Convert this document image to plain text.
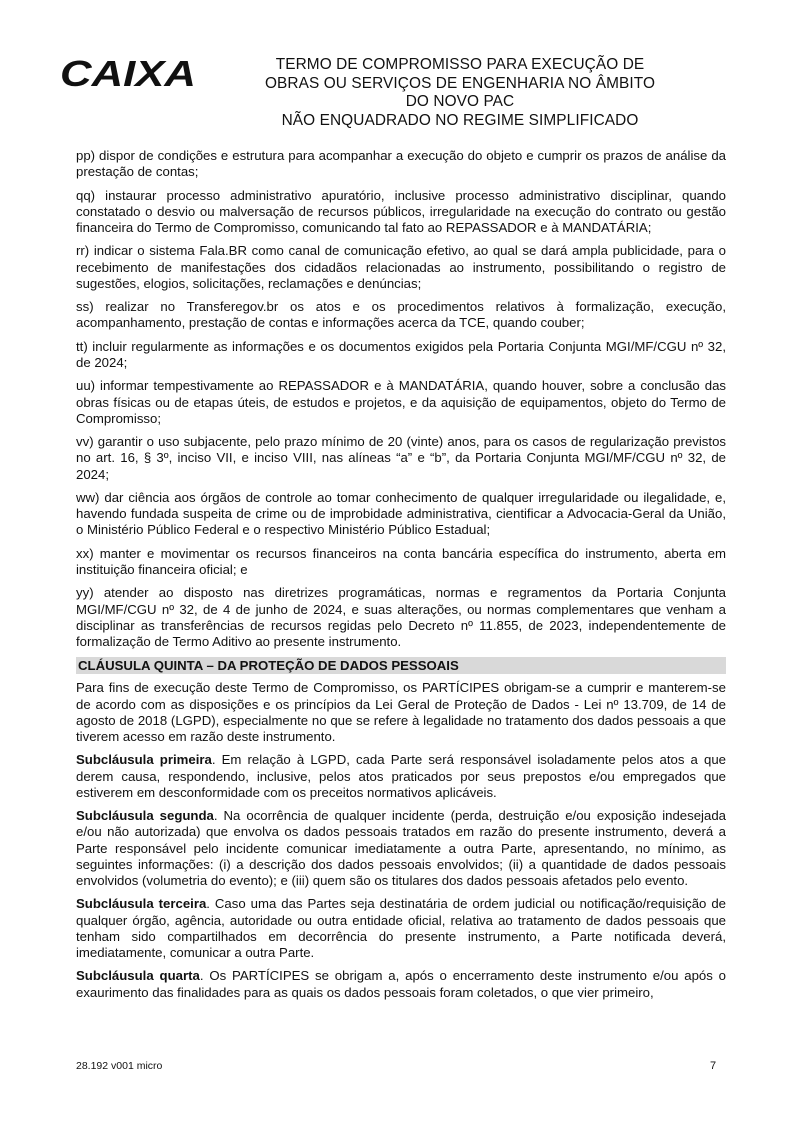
CAIXA	TERMO DE COMPROMISSO PARA EXECUÇÃO DE
OBRAS OU SERVIÇOS DE ENGENHARIA NO ÂMBITO
DO NOVO PAC
NÃO ENQUADRADO NO REGIME SIMPLIFICADO

pp) dispor de condições e estrutura para acompanhar a execução do objeto e cumprir os prazos de análise da prestação de contas;

qq) instaurar processo administrativo apuratório, inclusive processo administrativo disciplinar, quando constatado o desvio ou malversação de recursos públicos, irregularidade na execução do contrato ou gestão financeira do Termo de Compromisso, comunicando tal fato ao REPASSADOR e à MANDATÁRIA;

rr) indicar o sistema Fala.BR como canal de comunicação efetivo, ao qual se dará ampla publicidade, para o recebimento de manifestações dos cidadãos relacionadas ao instrumento, possibilitando o registro de sugestões, elogios, solicitações, reclamações e denúncias;

ss) realizar no Transferegov.br os atos e os procedimentos relativos à formalização, execução, acompanhamento, prestação de contas e informações acerca da TCE, quando couber;

tt) incluir regularmente as informações e os documentos exigidos pela Portaria Conjunta MGI/MF/CGU nº 32, de 2024;

uu) informar tempestivamente ao REPASSADOR e à MANDATÁRIA, quando houver, sobre a conclusão das obras físicas ou de etapas úteis, de estudos e projetos, e da aquisição de equipamentos, objeto do Termo de Compromisso;

vv) garantir o uso subjacente, pelo prazo mínimo de 20 (vinte) anos, para os casos de regularização previstos no art. 16, § 3º, inciso VII, e inciso VIII, nas alíneas “a” e “b”, da Portaria Conjunta MGI/MF/CGU nº 32, de 2024;

ww) dar ciência aos órgãos de controle ao tomar conhecimento de qualquer irregularidade ou ilegalidade, e, havendo fundada suspeita de crime ou de improbidade administrativa, cientificar a Advocacia-Geral da União, o Ministério Público Federal e o respectivo Ministério Público Estadual;

xx) manter e movimentar os recursos financeiros na conta bancária específica do instrumento, aberta em instituição financeira oficial; e

yy) atender ao disposto nas diretrizes programáticas, normas e regramentos da Portaria Conjunta MGI/MF/CGU nº 32, de 4 de junho de 2024, e suas alterações, ou normas complementares que venham a disciplinar as transferências de recursos regidas pelo Decreto nº 11.855, de 2023, independentemente de formalização de Termo Aditivo ao presente instrumento.

CLÁUSULA QUINTA – DA PROTEÇÃO DE DADOS PESSOAIS

Para fins de execução deste Termo de Compromisso, os PARTÍCIPES obrigam-se a cumprir e manterem-se de acordo com as disposições e os princípios da Lei Geral de Proteção de Dados - Lei nº 13.709, de 14 de agosto de 2018 (LGPD), especialmente no que se refere à legalidade no tratamento dos dados pessoais a que tiverem acesso em razão deste instrumento.

Subcláusula primeira. Em relação à LGPD, cada Parte será responsável isoladamente pelos atos a que derem causa, respondendo, inclusive, pelos atos praticados por seus prepostos e/ou empregados que estiverem em desconformidade com os preceitos normativos aplicáveis.

Subcláusula segunda. Na ocorrência de qualquer incidente (perda, destruição e/ou exposição indesejada e/ou não autorizada) que envolva os dados pessoais tratados em razão do presente instrumento, deverá a Parte responsável pelo incidente comunicar imediatamente a outra Parte, apresentando, no mínimo, as seguintes informações: (i) a descrição dos dados pessoais envolvidos; (ii) a quantidade de dados pessoais envolvidos (volumetria do evento); e (iii) quem são os titulares dos dados pessoais afetados pelo evento.

Subcláusula terceira. Caso uma das Partes seja destinatária de ordem judicial ou notificação/requisição de qualquer órgão, agência, autoridade ou outra entidade oficial, relativa ao tratamento de dados pessoais que tenham sido compartilhados em decorrência do presente instrumento, a Parte notificada deverá, imediatamente, comunicar a outra Parte.

Subcláusula quarta. Os PARTÍCIPES se obrigam a, após o encerramento deste instrumento e/ou após o exaurimento das finalidades para as quais os dados pessoais foram coletados, o que vier primeiro,

28.192 v001 micro	7
